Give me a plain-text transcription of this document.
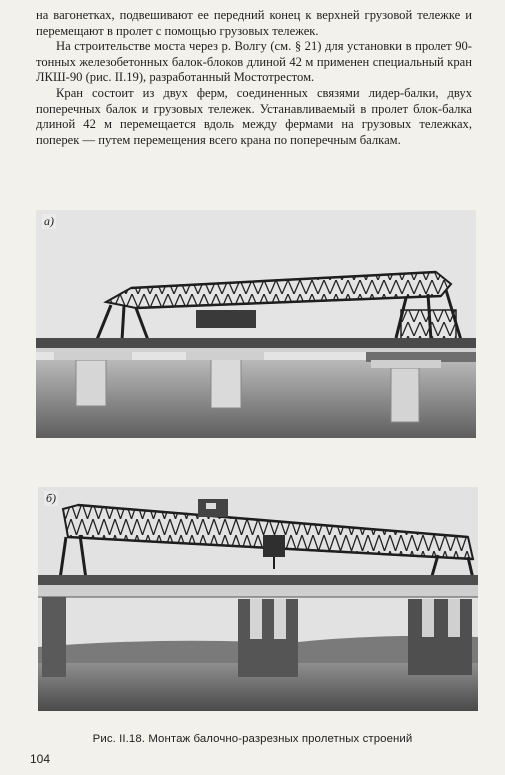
на вагонетках, подвешивают ее передний конец к верхней грузовой тележке и перемещают в пролет с помощью грузовых тележек.

На строительстве моста через р. Волгу (см. § 21) для установки в пролет 90-тонных железобетонных балок-блоков длиной 42 м применен специальный кран ЛКШ-90 (рис. II.19), разработанный Мостотрестом.

Кран состоит из двух ферм, соединенных связями лидер-балки, двух поперечных балок и грузовых тележек. Устанавливаемый в пролет блок-балка длиной 42 м перемещается вдоль между фермами на грузовых тележках, поперек — путем перемещения всего крана по поперечным балкам.

а)
б)
Рис. II.18. Монтаж балочно-разрезных пролетных строений
104
